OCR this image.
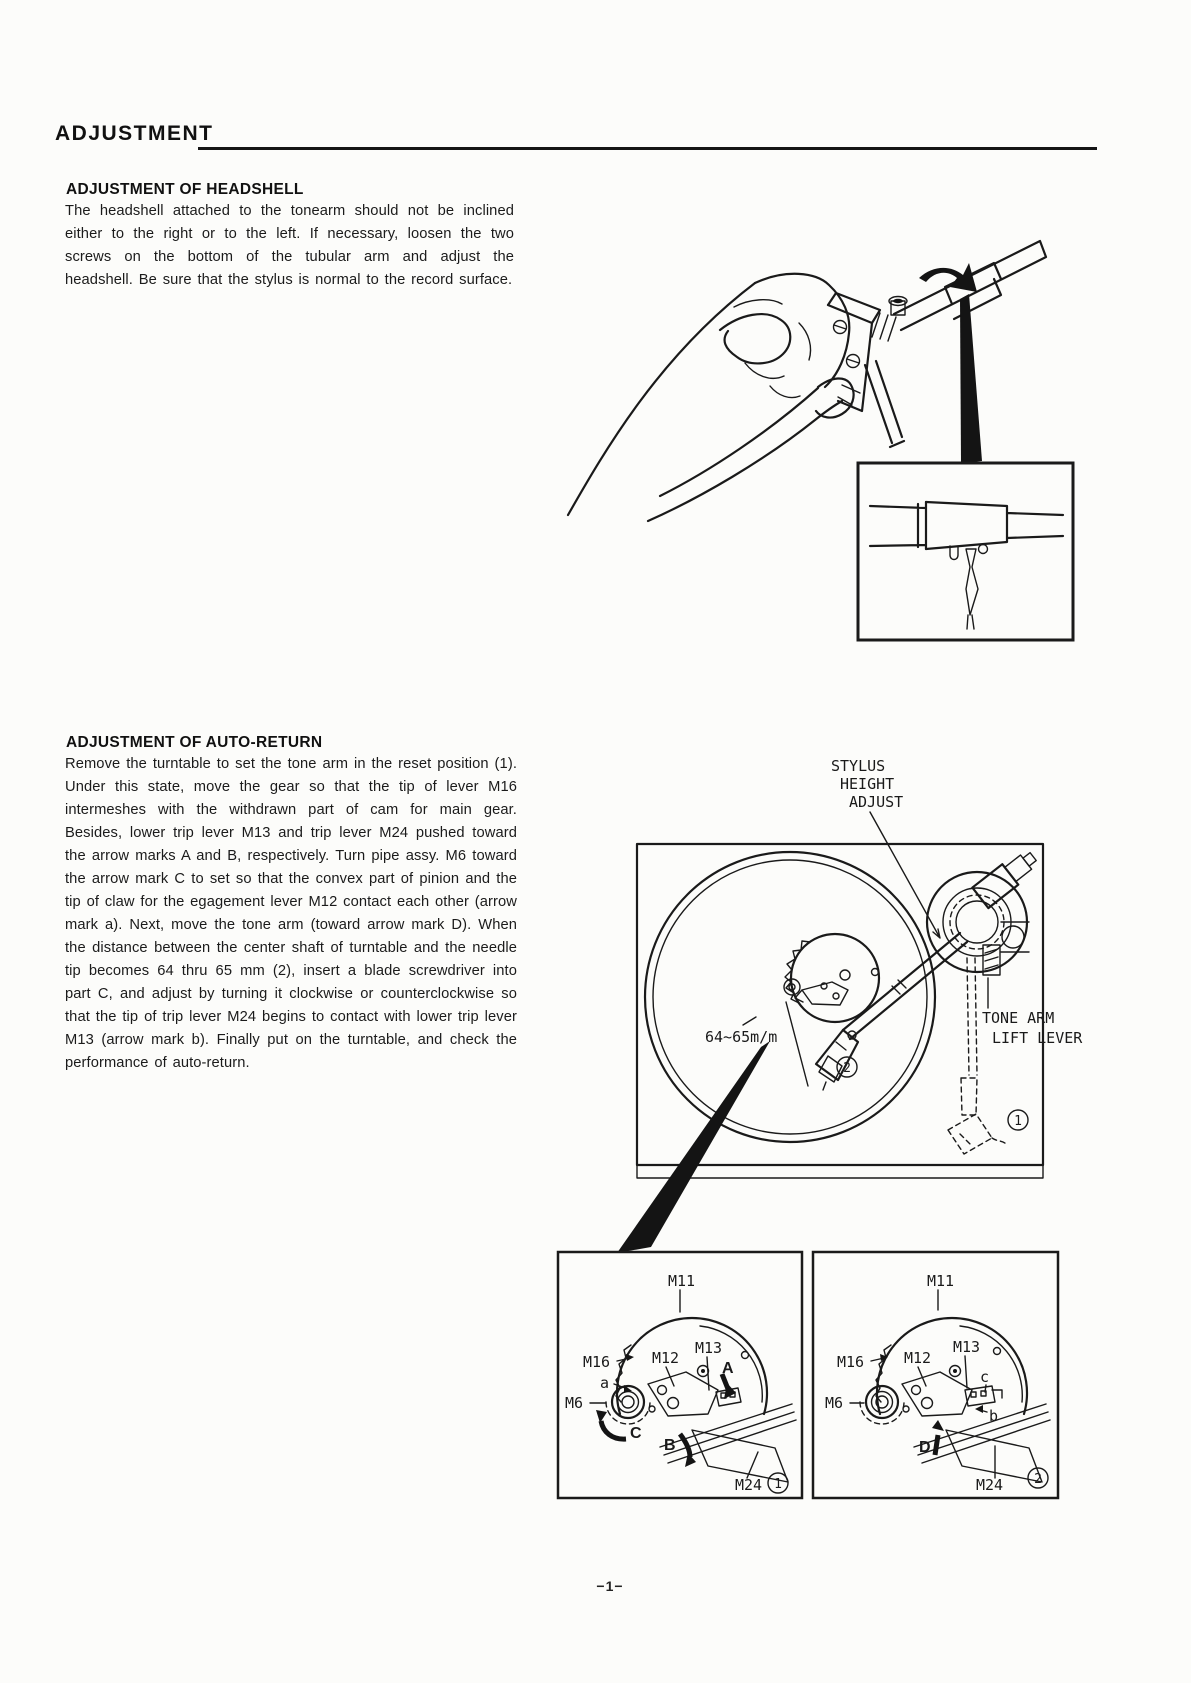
ADJUSTMENT
ADJUSTMENT OF HEADSHELL

The headshell attached to the tonearm should not be inclined either to the right or to the left. If necessary, loosen the two screws on the bottom of the tubular arm and adjust the headshell. Be sure that the stylus is normal to the record surface.

ADJUSTMENT OF AUTO-RETURN

Remove the turntable to set the tone arm in the reset position (1). Under this state, move the gear so that the tip of lever M16 intermeshes with the withdrawn part of cam for main gear. Besides, lower trip lever M13 and trip lever M24 pushed toward the arrow marks A and B, respectively. Turn pipe assy. M6 toward the arrow mark C to set so that the convex part of pinion and the tip of claw for the egagement lever M12 contact each other (arrow mark a). Next, move the tone arm (toward arrow mark D). When the distance between the center shaft of turntable and the needle tip becomes 64 thru 65 mm (2), insert a blade screwdriver into part C, and adjust by turning it clockwise or counterclockwise so that the tip of trip lever M24 begins to contact with lower trip lever M13 (arrow mark b). Finally put on the turntable, and check the performance of auto-return.

STYLUS
HEIGHT
ADJUST
TONE ARM
LIFT LEVER
64~65m/m
2
1
M11
M16	M12
M13
A
a
M6
C
B
M24 1
M11
M16	M12
M13
c
b
M6
D
M24 2
−1−
